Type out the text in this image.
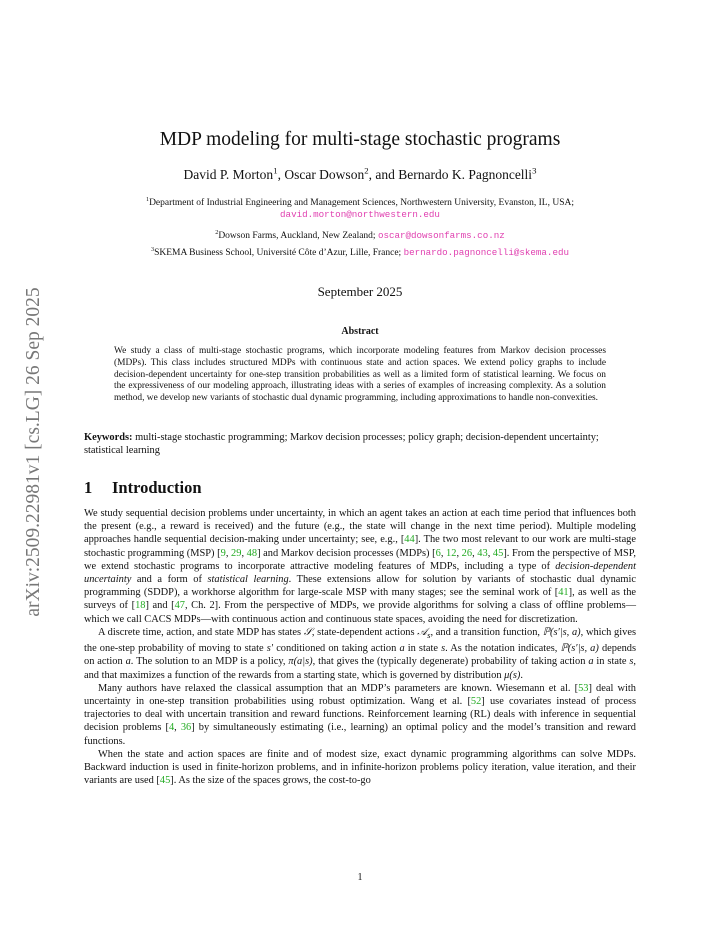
arXiv:2509.22981v1 [cs.LG] 26 Sep 2025
MDP modeling for multi-stage stochastic programs
David P. Morton$^1$, Oscar Dowson$^2$, and Bernardo K. Pagnoncelli$^3$
$^1$Department of Industrial Engineering and Management Sciences, Northwestern University, Evanston, IL, USA;
david.morton@northwestern.edu
$^2$Dowson Farms, Auckland, New Zealand; oscar@dowsonfarms.co.nz
$^3$SKEMA Business School, Université Côte d’Azur, Lille, France; bernardo.pagnoncelli@skema.edu
September 2025
Abstract

We study a class of multi-stage stochastic programs, which incorporate modeling features from Markov decision processes (MDPs). This class includes structured MDPs with continuous state and action spaces. We extend policy graphs to include decision-dependent uncertainty for one-step transition probabilities as well as a limited form of statistical learning. We focus on the expressiveness of our modeling approach, illustrating ideas with a series of examples of increasing complexity. As a solution method, we develop new variants of stochastic dual dynamic programming, including approximations to handle non-convexities.

Keywords: multi-stage stochastic programming; Markov decision processes; policy graph; decision-dependent uncertainty; statistical learning

1 Introduction

We study sequential decision problems under uncertainty, in which an agent takes an action at each time period that influences both the present (e.g., a reward is received) and the future (e.g., the state will change in the next time period). Multiple modeling approaches handle sequential decision-making under uncertainty; see, e.g., [44]. The two most relevant to our work are multi-stage stochastic programming (MSP) [9, 29, 48] and Markov decision processes (MDPs) [6, 12, 26, 43, 45]. From the perspective of MSP, we extend stochastic programs to incorporate attractive modeling features of MDPs, including a type of decision-dependent uncertainty and a form of statistical learning. These extensions allow for solution by variants of stochastic dual dynamic programming (SDDP), a workhorse algorithm for large-scale MSP with many stages; see the seminal work of [41], as well as the surveys of [18] and [47, Ch. 2]. From the perspective of MDPs, we provide algorithms for solving a class of offline problems—which we call CACS MDPs—with continuous action and continuous state spaces, avoiding the need for discretization.

A discrete time, action, and state MDP has states 𝒮, state-dependent actions 𝒜$_s$, and a transition function, ℙ(s′|s, a), which gives the one-step probability of moving to state s′ conditioned on taking action a in state s. As the notation indicates, ℙ(s′|s, a) depends on action a. The solution to an MDP is a policy, π(a|s), that gives the (typically degenerate) probability of taking action a in state s, and that maximizes a function of the rewards from a starting state, which is governed by distribution μ(s).

Many authors have relaxed the classical assumption that an MDP’s parameters are known. Wiesemann et al. [53] deal with uncertainty in one-step transition probabilities using robust optimization. Wang et al. [52] use covariates instead of process trajectories to deal with uncertain transition and reward functions. Reinforcement learning (RL) deals with inference in sequential decision problems [4, 36] by simultaneously estimating (i.e., learning) an optimal policy and the model’s transition and reward functions.

When the state and action spaces are finite and of modest size, exact dynamic programming algorithms can solve MDPs. Backward induction is used in finite-horizon problems, and in infinite-horizon problems policy iteration, value iteration, and their variants are used [45]. As the size of the spaces grows, the cost-to-go

1
